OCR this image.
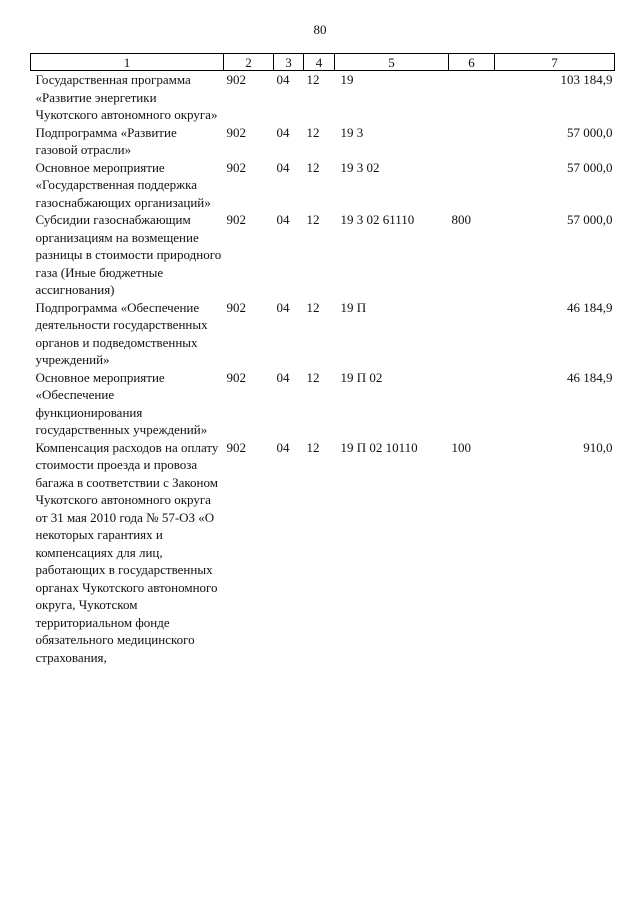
80
1	2	3	4	5	6	7
Государственная программа «Развитие энергетики Чукотского автономного округа»	902	04	12	19		103 184,9
Подпрограмма «Развитие газовой отрасли»	902	04	12	19 3		57 000,0
Основное мероприятие «Государственная поддержка газоснабжающих организаций»	902	04	12	19 3 02		57 000,0
Субсидии газоснабжающим организациям на возмещение разницы в стоимости природного газа (Иные бюджетные ассигнования)	902	04	12	19 3 02 61110	800	57 000,0
Подпрограмма «Обеспечение деятельности государственных органов и подведомственных учреждений»	902	04	12	19 П		46 184,9
Основное мероприятие «Обеспечение функционирования государственных учреждений»	902	04	12	19 П 02		46 184,9
Компенсация расходов на оплату стоимости проезда и провоза багажа в соответствии с Законом Чукотского автономного округа от 31 мая 2010 года № 57-ОЗ «О некоторых гарантиях и компенсациях для лиц, работающих в государственных органах Чукотского автономного округа, Чукотском территориальном фонде обязательного медицинского страхования,	902	04	12	19 П 02 10110	100	910,0
